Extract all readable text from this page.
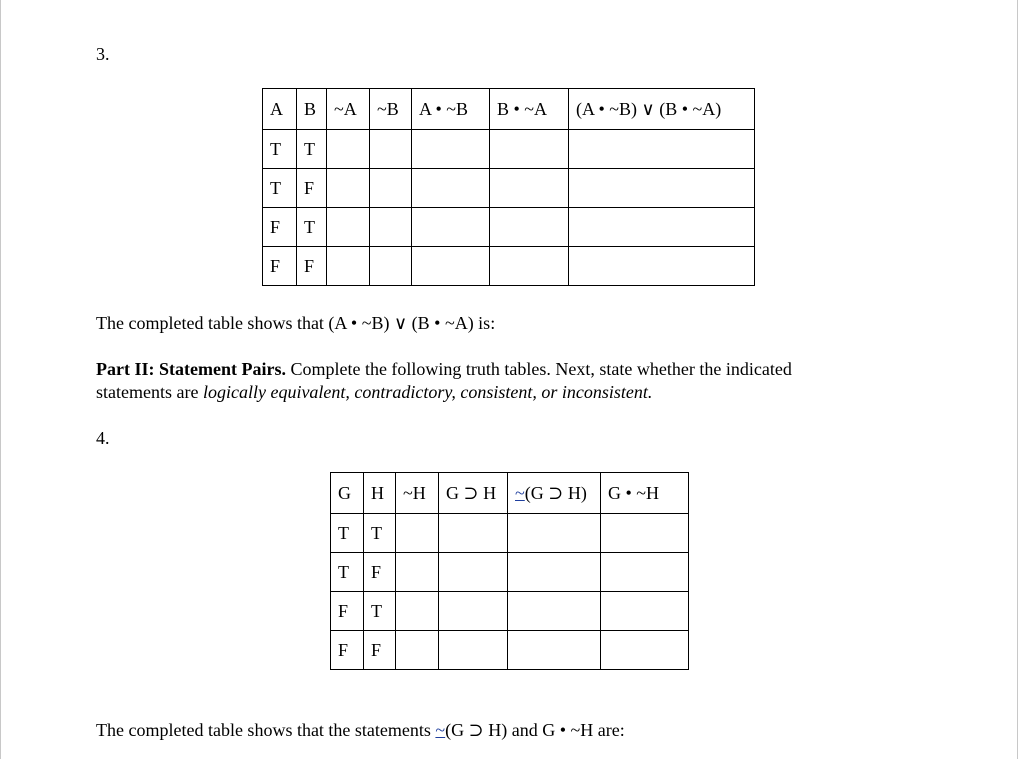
3.
A	B	~A	~B	A • ~B	B • ~A	(A • ~B) ∨ (B • ~A)
T	T					
T	F					
F	T					
F	F					
The completed table shows that (A • ~B) ∨ (B • ~A) is:
Part II: Statement Pairs. Complete the following truth tables. Next, state whether the indicated
statements are logically equivalent, contradictory, consistent, or inconsistent.
4.
G	H	~H	G ⊃ H	~(G ⊃ H)	G • ~H
T	T				
T	F				
F	T				
F	F				
The completed table shows that the statements ~(G ⊃ H) and G • ~H are:
